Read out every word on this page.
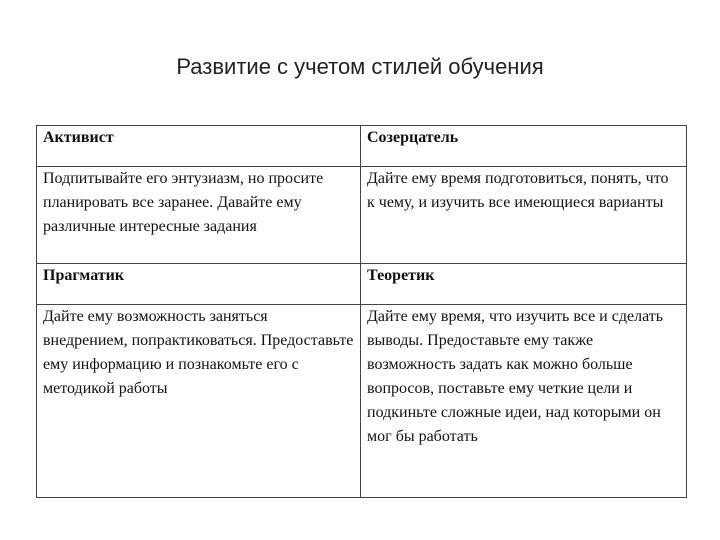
Развитие с учетом стилей обучения
Активист	Созерцатель
Подпитывайте его энтузиазм, но просите планировать все заранее. Давайте ему различные интересные задания	Дайте ему время подготовиться, понять, что к чему, и изучить все имеющиеся варианты
Прагматик	Теоретик
Дайте ему возможность заняться внедрением, попрактиковаться. Предоставьте ему информацию и познакомьте его с методикой работы	Дайте ему время, что изучить все и сделать выводы. Предоставьте ему также возможность задать как можно больше вопросов, поставьте ему четкие цели и подкиньте сложные идеи, над которыми он мог бы работать
